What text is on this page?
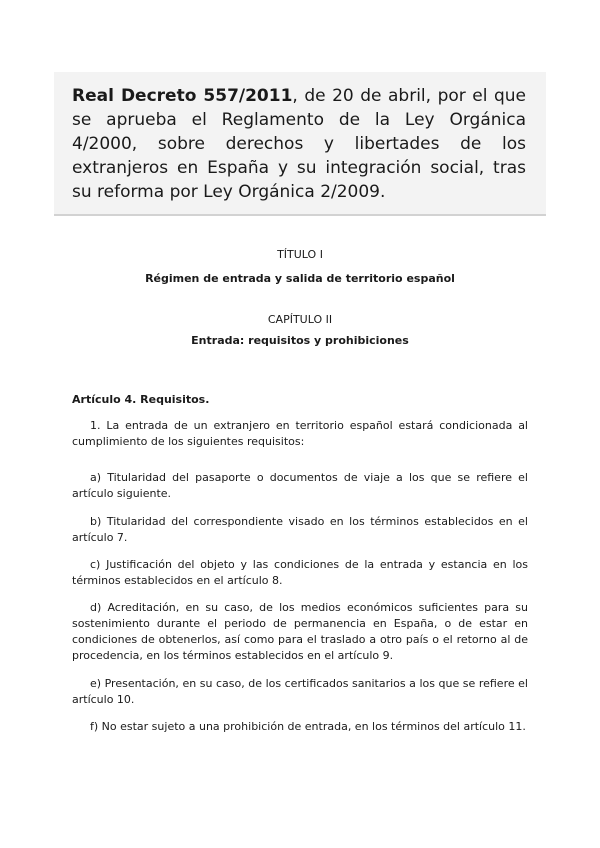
Real Decreto 557/2011, de 20 de abril, por el que se aprueba el Reglamento de la Ley Orgánica 4/2000, sobre derechos y libertades de los extranjeros en España y su integración social, tras su reforma por Ley Orgánica 2/2009.

TÍTULO I

Régimen de entrada y salida de territorio español

CAPÍTULO II

Entrada: requisitos y prohibiciones

Artículo 4. Requisitos.

1. La entrada de un extranjero en territorio español estará condicionada al cumplimiento de los siguientes requisitos:

a) Titularidad del pasaporte o documentos de viaje a los que se refiere el artículo siguiente.

b) Titularidad del correspondiente visado en los términos establecidos en el artículo 7.

c) Justificación del objeto y las condiciones de la entrada y estancia en los términos establecidos en el artículo 8.

d) Acreditación, en su caso, de los medios económicos suficientes para su sostenimiento durante el periodo de permanencia en España, o de estar en condiciones de obtenerlos, así como para el traslado a otro país o el retorno al de procedencia, en los términos establecidos en el artículo 9.

e) Presentación, en su caso, de los certificados sanitarios a los que se refiere el artículo 10.

f) No estar sujeto a una prohibición de entrada, en los términos del artículo 11.
